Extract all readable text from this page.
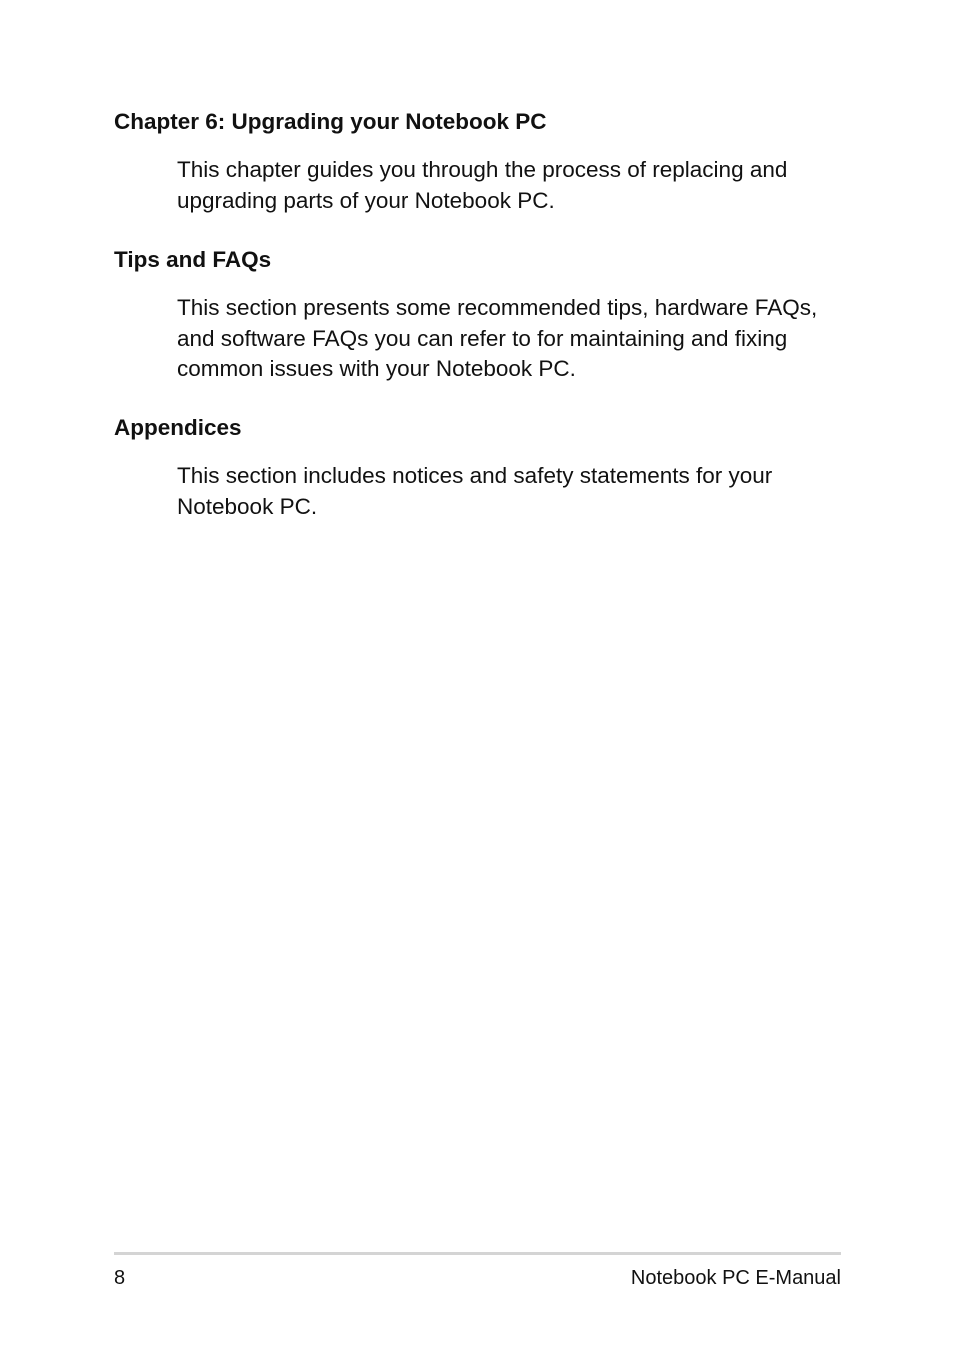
Chapter 6: Upgrading your Notebook PC

This chapter guides you through the process of replacing and upgrading parts of your Notebook PC.

Tips and FAQs

This section presents some recommended tips, hardware FAQs, and software FAQs you can refer to for maintaining and fixing common issues with your Notebook PC.

Appendices

This section includes notices and safety statements for your Notebook PC.

8	Notebook PC E-Manual
